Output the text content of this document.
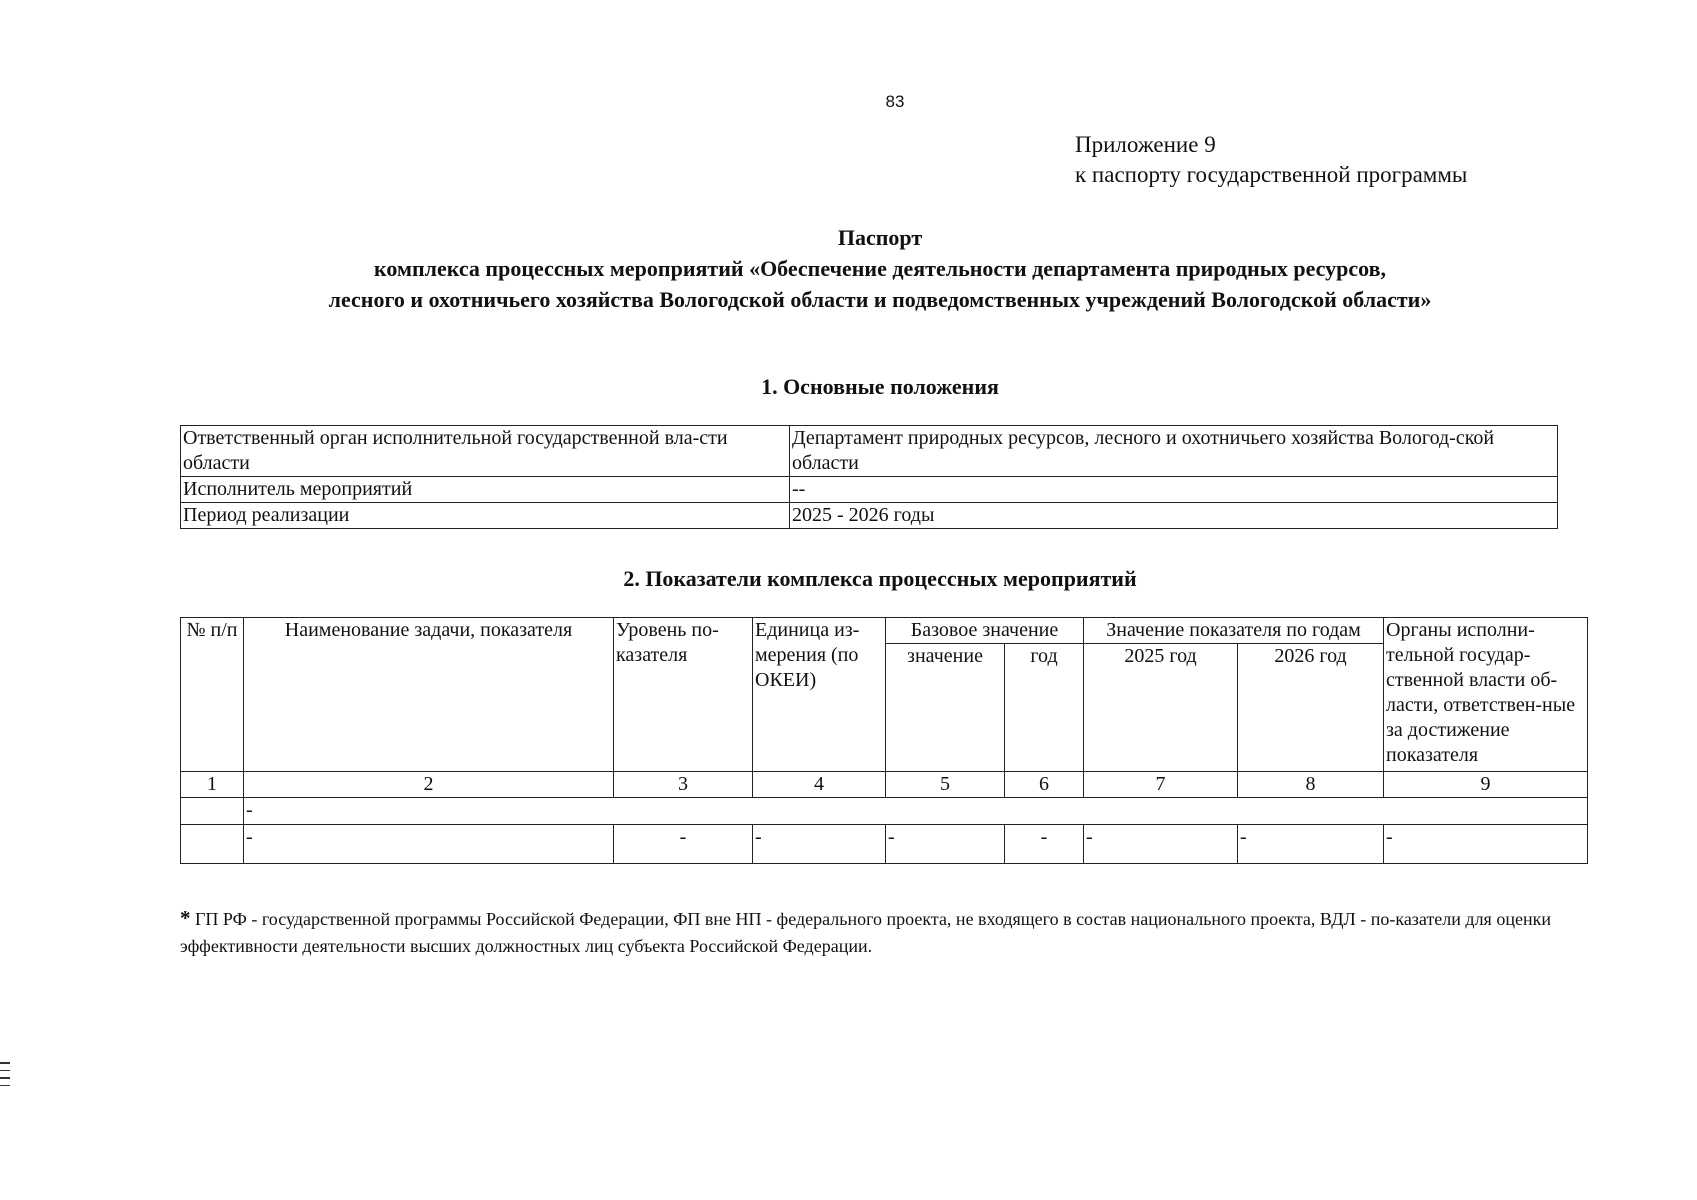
83
Приложение 9
к паспорту государственной программы
Паспорт
комплекса процессных мероприятий «Обеспечение деятельности департамента природных ресурсов,
лесного и охотничьего хозяйства Вологодской области и подведомственных учреждений Вологодской области»
1. Основные положения
Ответственный орган исполнительной государственной вла-сти области	Департамент природных ресурсов, лесного и охотничьего хозяйства Вологод-ской области
Исполнитель мероприятий	--
Период реализации	2025 - 2026 годы
2. Показатели комплекса процессных мероприятий
№ п/п	Наименование задачи, показателя	Уровень по-казателя	Единица из-мерения (по ОКЕИ)	Базовое значение		Значение показателя по годам		Органы исполни-тельной государ-ственной власти об-ласти, ответствен-ные за достижение показателя
				значение	год	2025 год	2026 год	
1	2	3	4	5	6	7	8	9
	-							
	-	-	-	-	-	-	-	-
* ГП РФ - государственной программы Российской Федерации, ФП вне НП - федерального проекта, не входящего в состав национального проекта, ВДЛ - по-казатели для оценки эффективности деятельности высших должностных лиц субъекта Российской Федерации.
